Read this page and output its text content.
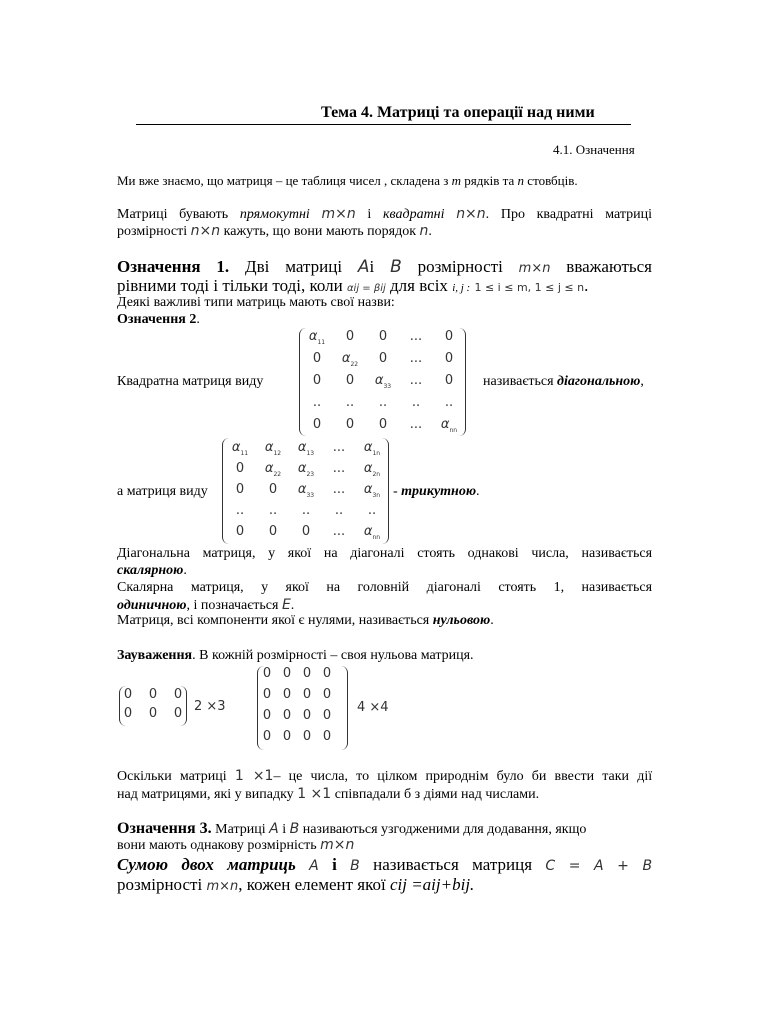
Тема 4. Матриці та операції над ними
4.1. Означення
Ми вже знаємо, що матриця – це таблиця чисел , складена з m рядків та n стовбців.
Матриці бувають прямокутні m×n і квадратні n×n. Про квадратні матриці
розмірності n×n кажуть, що вони мають порядок n.
Означення 1. Дві матриці Aі B розмірності m×n вважаються
рівними тоді і тільки тоді, коли αij = βij для всіх i, j : 1 ≤ i ≤ m, 1 ≤ j ≤ n.
Деякі важливі типи матриць мають свої назви:
Означення 2.
Квадратна матриця виду
$\alpha_{11}$	0	0	...	0
0	$\alpha_{22}$	0	...	0
0	0	$\alpha_{33}$	...	0
..	..	..	..	..
0	0	0	...	$\alpha_{nn}$
називається діагональною,
а матриця виду
$\alpha_{11}$	$\alpha_{12}$	$\alpha_{13}$	...	$\alpha_{1n}$
0	$\alpha_{22}$	$\alpha_{23}$	...	$\alpha_{2n}$
0	0	$\alpha_{33}$	...	$\alpha_{3n}$
..	..	..	..	..
0	0	0	...	$\alpha_{nn}$
- трикутною.
Діагональна матриця, у якої на діагоналі стоять однакові числа, називається
скалярною.
Скалярна матриця, у якої на головній діагоналі стоять 1, називається
одиничною, і позначається E.
Матриця, всі компоненти якої є нулями, називається нульовою.
Зауваження. В кожній розмірності – своя нульова матриця.
0	0	0
0	0	0 2 ×3
0 0 0 0
0 0 0 0
0 0 0 0
0 0 0 0
4 ×4
Оскільки матриці 1 ×1– це числа, то цілком природнім було би ввести таки дії
над матрицями, які у випадку 1 ×1 співпадали б з діями над числами.
Означення 3. Матриці A і B називаються узгодженими для додавання, якщо
вони мають однакову розмірність m×n
Сумою двох матриць A і B називається матриця C = A + B
розмірності m×n, кожен елемент якої cij =aij+bij.
